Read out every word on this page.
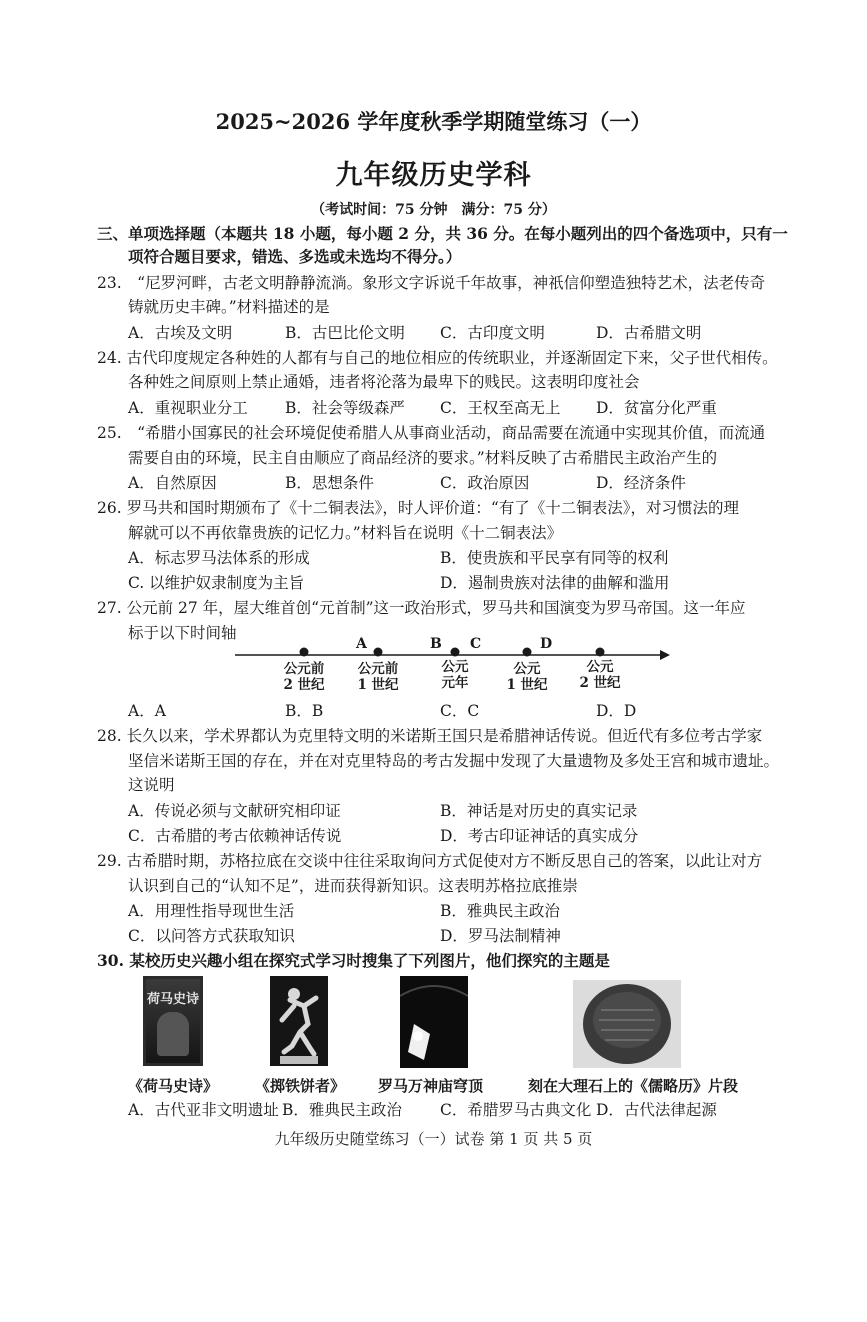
2025~2026 学年度秋季学期随堂练习（一）
九年级历史学科
（考试时间：75 分钟　满分：75 分）
三、单项选择题（本题共 18 小题，每小题 2 分，共 36 分。在每小题列出的四个备选项中，只有一
项符合题目要求，错选、多选或未选均不得分。）
23.　“尼罗河畔，古老文明静静流淌。象形文字诉说千年故事，神祇信仰塑造独特艺术，法老传奇
铸就历史丰碑。”材料描述的是
A．古埃及文明	B．古巴比伦文明 C．古印度文明	D．古希腊文明
24. 古代印度规定各种姓的人都有与自己的地位相应的传统职业，并逐渐固定下来，父子世代相传。
各种姓之间原则上禁止通婚，违者将沦落为最卑下的贱民。这表明印度社会
A．重视职业分工 B．社会等级森严 C．王权至高无上 D．贫富分化严重
25.　“希腊小国寡民的社会环境促使希腊人从事商业活动，商品需要在流通中实现其价值，而流通
需要自由的环境，民主自由顺应了商品经济的要求。”材料反映了古希腊民主政治产生的
A．自然原因	B．思想条件	C．政治原因	D．经济条件
26. 罗马共和国时期颁布了《十二铜表法》，时人评价道：“有了《十二铜表法》，对习惯法的理
解就可以不再依靠贵族的记忆力。”材料旨在说明《十二铜表法》
A．标志罗马法体系的形成	B．使贵族和平民享有同等的权利
C. 以维护奴隶制度为主旨	D．遏制贵族对法律的曲解和滥用
27. 公元前 27 年，屋大维首创“元首制”这一政治形式，罗马共和国演变为罗马帝国。这一年应
标于以下时间轴
A	B C	D
公元前
2 世纪
公元前
1 世纪
公元
元年
公元
1 世纪
公元
2 世纪
A．A	B．B	C．C	D．D
28. 长久以来，学术界都认为克里特文明的米诺斯王国只是希腊神话传说。但近代有多位考古学家
坚信米诺斯王国的存在，并在对克里特岛的考古发掘中发现了大量遗物及多处王宫和城市遗址。
这说明
A．传说必须与文献研究相印证	B．神话是对历史的真实记录
C．古希腊的考古依赖神话传说	D．考古印证神话的真实成分
29. 古希腊时期，苏格拉底在交谈中往往采取询问方式促使对方不断反思自己的答案，以此让对方
认识到自己的“认知不足”，进而获得新知识。这表明苏格拉底推崇
A．用理性指导现世生活	B．雅典民主政治
C．以问答方式获取知识	D．罗马法制精神
30. 某校历史兴趣小组在探究式学习时搜集了下列图片，他们探究的主题是
荷马史诗
《荷马史诗》 《掷铁饼者》 罗马万神庙穹顶	刻在大理石上的《儒略历》片段
A．古代亚非文明遗址 B．雅典民主政治 C．希腊罗马古典文化 D．古代法律起源
九年级历史随堂练习（一）试卷 第 1 页 共 5 页
